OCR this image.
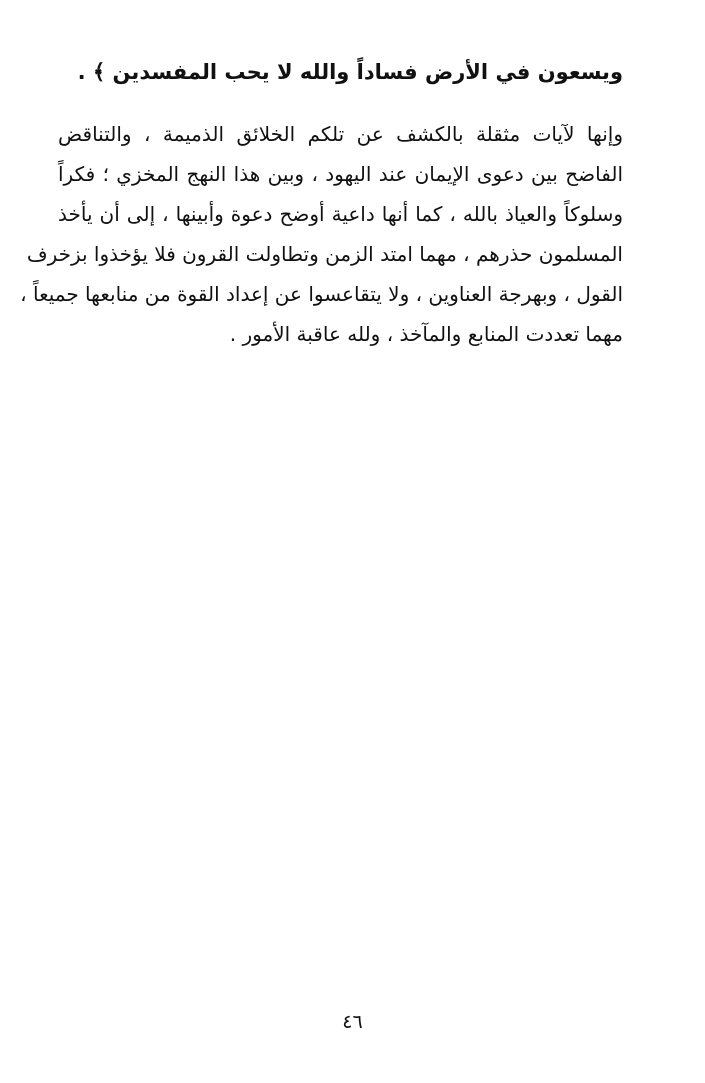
ويسعون في الأرض فساداً والله لا يحب المفسدين ﴾ .
وإنها لآيات مثقلة بالكشف عن تلكم الخلائق الذميمة ، والتناقض
الفاضح بين دعوى الإيمان عند اليهود ، وبين هذا النهج المخزي ؛ فكراً
وسلوكاً والعياذ بالله ، كما أنها داعية أوضح دعوة وأبينها ، إلى أن يأخذ
المسلمون حذرهم ، مهما امتد الزمن وتطاولت القرون فلا يؤخذوا بزخرف
القول ، وبهرجة العناوين ، ولا يتقاعسوا عن إعداد القوة من منابعها جميعاً ،
مهما تعددت المنابع والمآخذ ، ولله عاقبة الأمور .
٤٦
